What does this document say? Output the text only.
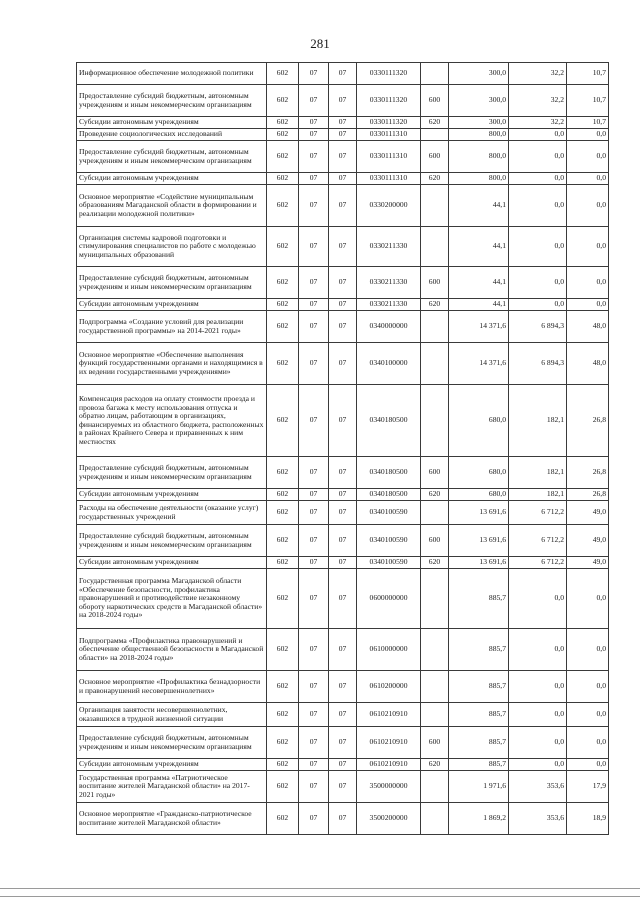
281
Информационное обеспечение молодежной политики	602	07	07	0330111320		300,0	32,2	10,7
Предоставление субсидий бюджетным, автономным учреждениям и иным некоммерческим организациям	602	07	07	0330111320	600	300,0	32,2	10,7
Субсидии автономным учреждениям	602	07	07	0330111320	620	300,0	32,2	10,7
Проведение социологических исследований	602	07	07	0330111310		800,0	0,0	0,0
Предоставление субсидий бюджетным, автономным учреждениям и иным некоммерческим организациям	602	07	07	0330111310	600	800,0	0,0	0,0
Субсидии автономным учреждениям	602	07	07	0330111310	620	800,0	0,0	0,0
Основное мероприятие «Содействие муниципальным образованиям Магаданской области в формировании и реализации молодежной политики»	602	07	07	0330200000		44,1	0,0	0,0
Организация системы кадровой подготовки и стимулирования специалистов по работе с молодежью муниципальных образований	602	07	07	0330211330		44,1	0,0	0,0
Предоставление субсидий бюджетным, автономным учреждениям и иным некоммерческим организациям	602	07	07	0330211330	600	44,1	0,0	0,0
Субсидии автономным учреждениям	602	07	07	0330211330	620	44,1	0,0	0,0
Подпрограмма «Создание условий для реализации государственной программы» на 2014-2021 годы»	602	07	07	0340000000		14 371,6	6 894,3	48,0
Основное мероприятие «Обеспечение выполнения функций государственными органами и находящимися в их ведении государственными учреждениями»	602	07	07	0340100000		14 371,6	6 894,3	48,0
Компенсация расходов на оплату стоимости проезда и провоза багажа к месту использования отпуска и обратно лицам, работающим в организациях, финансируемых из областного бюджета, расположенных в районах Крайнего Севера и приравненных к ним местностях	602	07	07	0340180500		680,0	182,1	26,8
Предоставление субсидий бюджетным, автономным учреждениям и иным некоммерческим организациям	602	07	07	0340180500	600	680,0	182,1	26,8
Субсидии автономным учреждениям	602	07	07	0340180500	620	680,0	182,1	26,8
Расходы на обеспечение деятельности (оказание услуг) государственных учреждений	602	07	07	0340100590		13 691,6	6 712,2	49,0
Предоставление субсидий бюджетным, автономным учреждениям и иным некоммерческим организациям	602	07	07	0340100590	600	13 691,6	6 712,2	49,0
Субсидии автономным учреждениям	602	07	07	0340100590	620	13 691,6	6 712,2	49,0
Государственная программа Магаданской области «Обеспечение безопасности, профилактика правонарушений и противодействие незаконному обороту наркотических средств в Магаданской области» на 2018-2024 годы»	602	07	07	0600000000		885,7	0,0	0,0
Подпрограмма «Профилактика правонарушений и обеспечение общественной безопасности в Магаданской области» на 2018-2024 годы»	602	07	07	0610000000		885,7	0,0	0,0
Основное мероприятие «Профилактика безнадзорности и правонарушений несовершеннолетних»	602	07	07	0610200000		885,7	0,0	0,0
Организация занятости несовершеннолетних, оказавшихся в трудной жизненной ситуации	602	07	07	0610210910		885,7	0,0	0,0
Предоставление субсидий бюджетным, автономным учреждениям и иным некоммерческим организациям	602	07	07	0610210910	600	885,7	0,0	0,0
Субсидии автономным учреждениям	602	07	07	0610210910	620	885,7	0,0	0,0
Государственная программа «Патриотическое воспитание жителей Магаданской области» на 2017-2021 годы»	602	07	07	3500000000		1 971,6	353,6	17,9
Основное мероприятие «Гражданско-патриотическое воспитание жителей Магаданской области»	602	07	07	3500200000		1 869,2	353,6	18,9
